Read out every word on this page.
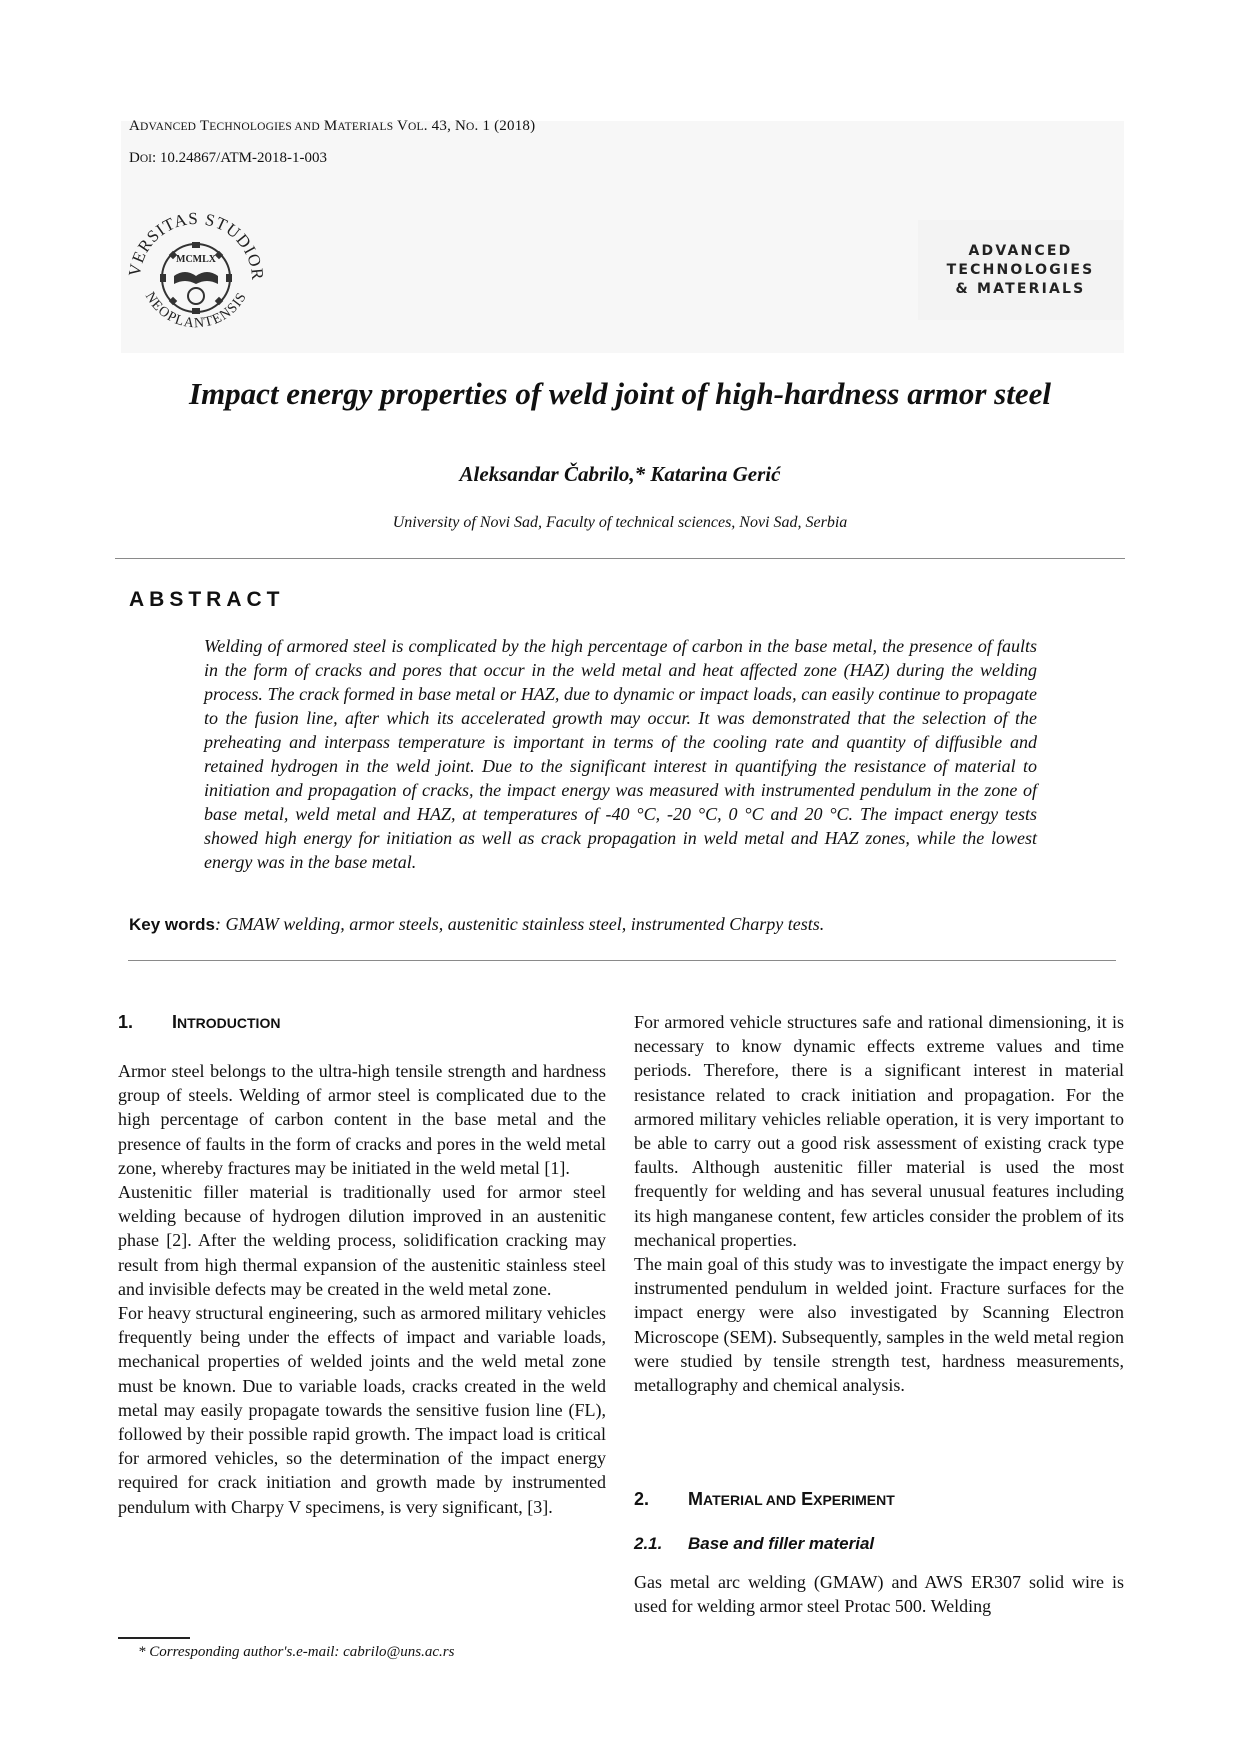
ADVANCED TECHNOLOGIES AND MATERIALS VOL. 43, NO. 1 (2018)
DOI: 10.24867/ATM-2018-1-003
VERSITAS STUDIOR
NEOPLANTENSIS
MCMLX
ADVANCED
TECHNOLOGIES
& MATERIALS
Impact energy properties of weld joint of high-hardness armor steel
Aleksandar Čabrilo,* Katarina Gerić
University of Novi Sad, Faculty of technical sciences, Novi Sad, Serbia
ABSTRACT
Welding of armored steel is complicated by the high percentage of carbon in the base metal, the presence of faults in the form of cracks and pores that occur in the weld metal and heat affected zone (HAZ) during the welding process. The crack formed in base metal or HAZ, due to dynamic or impact loads, can easily continue to propagate to the fusion line, after which its accelerated growth may occur. It was demonstrated that the selection of the preheating and interpass temperature is important in terms of the cooling rate and quantity of diffusible and retained hydrogen in the weld joint. Due to the significant interest in quantifying the resistance of material to initiation and propagation of cracks, the impact energy was measured with instrumented pendulum in the zone of base metal, weld metal and HAZ, at temperatures of -40 °C, -20 °C, 0 °C and 20 °C. The impact energy tests showed high energy for initiation as well as crack propagation in weld metal and HAZ zones, while the lowest energy was in the base metal.
Key words: GMAW welding, armor steels, austenitic stainless steel, instrumented Charpy tests.
1. INTRODUCTION

Armor steel belongs to the ultra-high tensile strength and hardness group of steels. Welding of armor steel is complicated due to the high percentage of carbon content in the base metal and the presence of faults in the form of cracks and pores in the weld metal zone, whereby fractures may be initiated in the weld metal [1].

Austenitic filler material is traditionally used for armor steel welding because of hydrogen dilution improved in an austenitic phase [2]. After the welding process, solidification cracking may result from high thermal expansion of the austenitic stainless steel and invisible defects may be created in the weld metal zone.

For heavy structural engineering, such as armored military vehicles frequently being under the effects of impact and variable loads, mechanical properties of welded joints and the weld metal zone must be known. Due to variable loads, cracks created in the weld metal may easily propagate towards the sensitive fusion line (FL), followed by their possible rapid growth. The impact load is critical for armored vehicles, so the determination of the impact energy required for crack initiation and growth made by instrumented pendulum with Charpy V specimens, is very significant, [3].

For armored vehicle structures safe and rational dimensioning, it is necessary to know dynamic effects extreme values and time periods. Therefore, there is a significant interest in material resistance related to crack initiation and propagation. For the armored military vehicles reliable operation, it is very important to be able to carry out a good risk assessment of existing crack type faults. Although austenitic filler material is used the most frequently for welding and has several unusual features including its high manganese content, few articles consider the problem of its mechanical properties.

The main goal of this study was to investigate the impact energy by instrumented pendulum in welded joint. Fracture surfaces for the impact energy were also investigated by Scanning Electron Microscope (SEM). Subsequently, samples in the weld metal region were studied by tensile strength test, hardness measurements, metallography and chemical analysis.

2. MATERIAL AND EXPERIMENT
2.1. Base and filler material

Gas metal arc welding (GMAW) and AWS ER307 solid wire is used for welding armor steel Protac 500. Welding

* Corresponding author's.e-mail: cabrilo@uns.ac.rs
